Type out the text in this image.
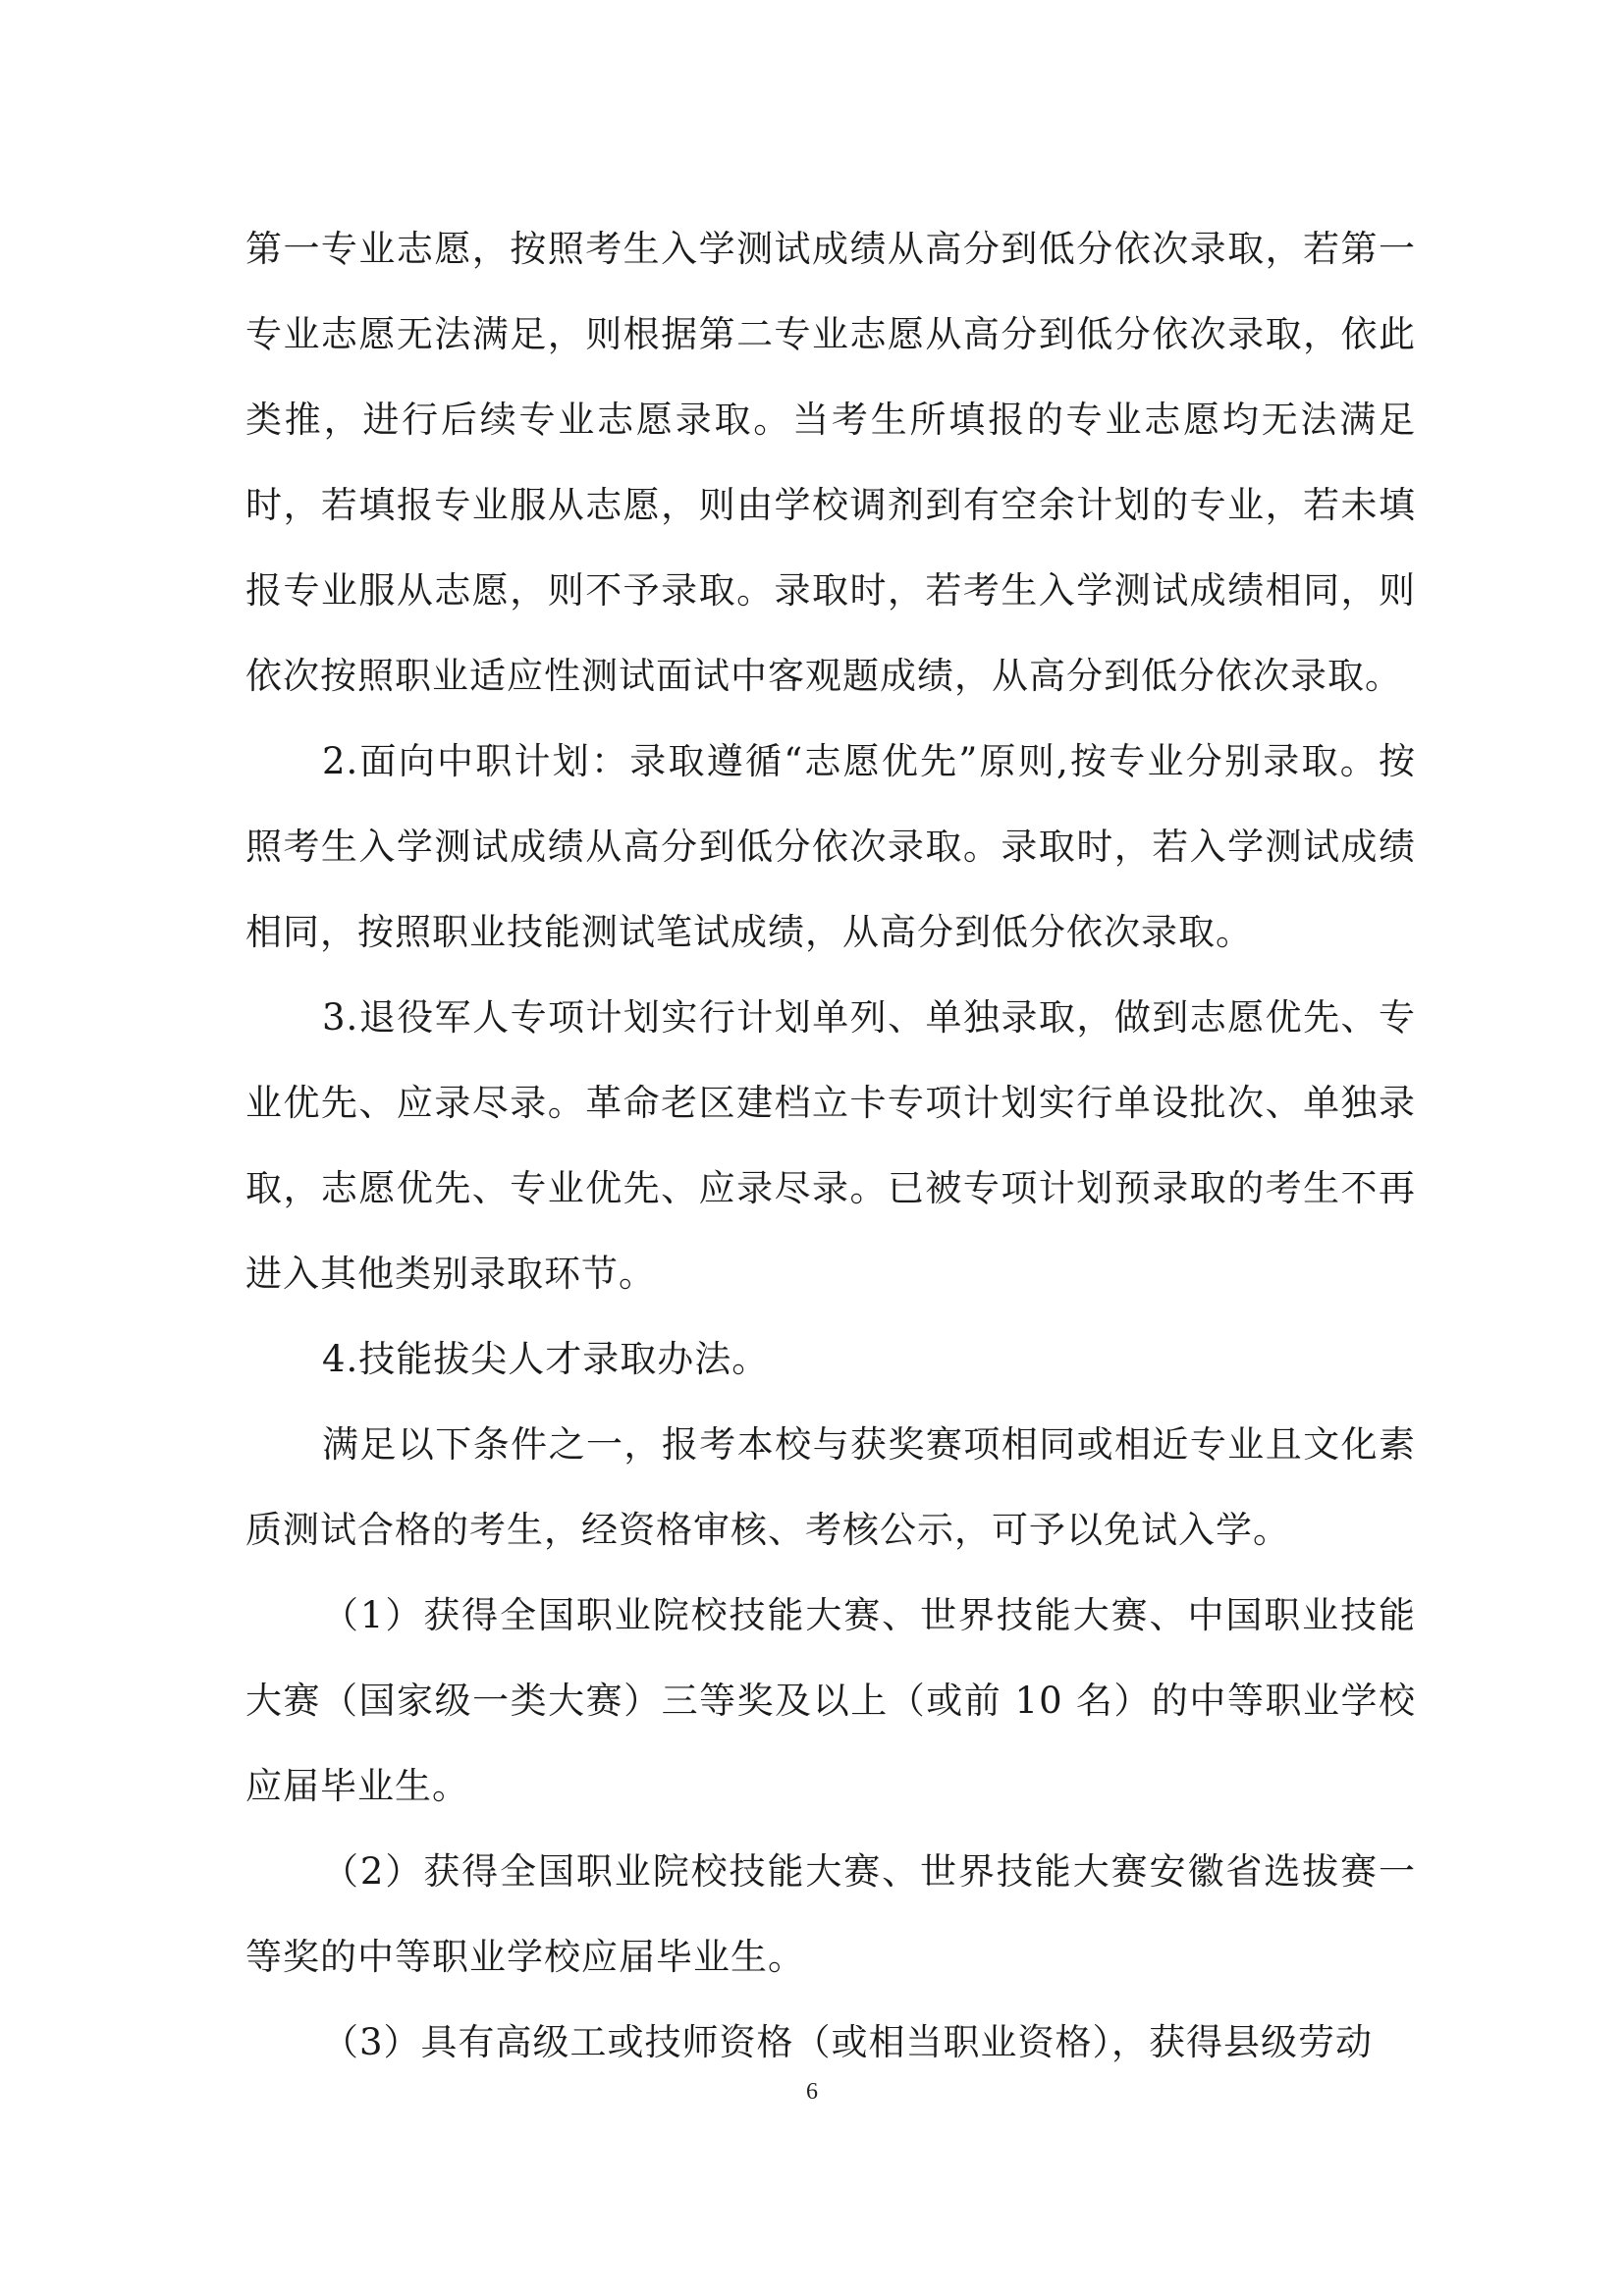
第一专业志愿，按照考生入学测试成绩从高分到低分依次录取，若第一专业志愿无法满足，则根据第二专业志愿从高分到低分依次录取，依此类推，进行后续专业志愿录取。当考生所填报的专业志愿均无法满足时，若填报专业服从志愿，则由学校调剂到有空余计划的专业，若未填报专业服从志愿，则不予录取。录取时，若考生入学测试成绩相同，则依次按照职业适应性测试面试中客观题成绩，从高分到低分依次录取。

2.面向中职计划：录取遵循“志愿优先”原则,按专业分别录取。按照考生入学测试成绩从高分到低分依次录取。录取时，若入学测试成绩相同，按照职业技能测试笔试成绩，从高分到低分依次录取。

3.退役军人专项计划实行计划单列、单独录取，做到志愿优先、专业优先、应录尽录。革命老区建档立卡专项计划实行单设批次、单独录取，志愿优先、专业优先、应录尽录。已被专项计划预录取的考生不再进入其他类别录取环节。

4.技能拔尖人才录取办法。

满足以下条件之一，报考本校与获奖赛项相同或相近专业且文化素质测试合格的考生，经资格审核、考核公示，可予以免试入学。

（1）获得全国职业院校技能大赛、世界技能大赛、中国职业技能大赛（国家级一类大赛）三等奖及以上（或前 10 名）的中等职业学校应届毕业生。

（2）获得全国职业院校技能大赛、世界技能大赛安徽省选拔赛一等奖的中等职业学校应届毕业生。

（3）具有高级工或技师资格（或相当职业资格），获得县级劳动

6
